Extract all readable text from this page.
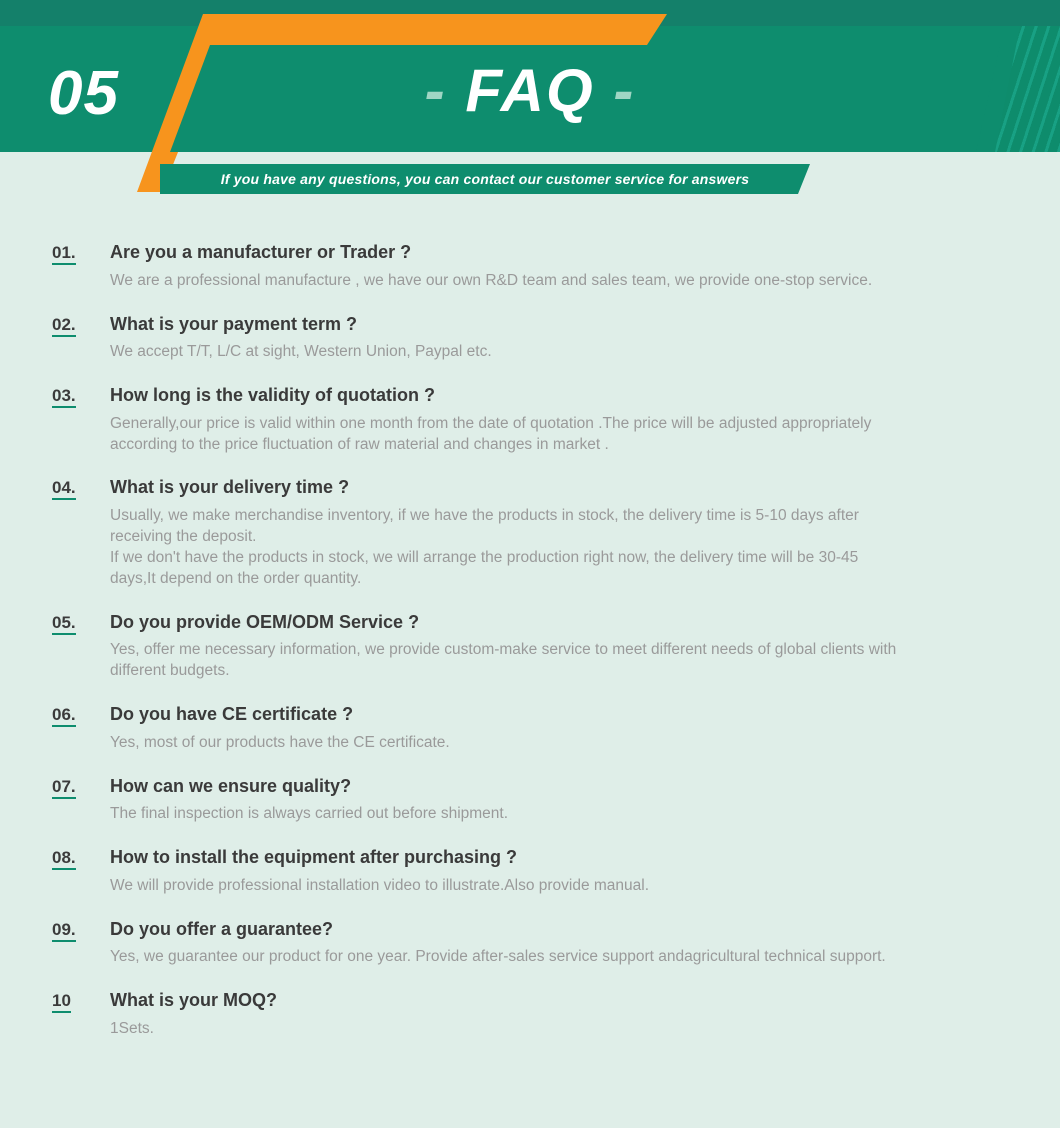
05	- FAQ -
If you have any questions, you can contact our customer service for answers
01.	Are you a manufacturer or Trader ?
We are a professional manufacture , we have our own R&D team and sales team, we provide one-stop service.
02.	What is your payment term ?
We accept T/T, L/C at sight, Western Union, Paypal etc.
03.	How long is the validity of quotation ?
Generally,our price is valid within one month from the date of quotation .The price will be adjusted appropriately
according to the price fluctuation of raw material and changes in market .
04.	What is your delivery time ?
Usually, we make merchandise inventory, if we have the products in stock, the delivery time is 5-10 days after
receiving the deposit.
If we don't have the products in stock, we will arrange the production right now, the delivery time will be 30-45
days,It depend on the order quantity.
05.	Do you provide OEM/ODM Service ?
Yes, offer me necessary information, we provide custom-make service to meet different needs of global clients with
different budgets.
06.	Do you have CE certificate ?
Yes, most of our products have the CE certificate.
07.	How can we ensure quality?
The final inspection is always carried out before shipment.
08.	How to install the equipment after purchasing ?
We will provide professional installation video to illustrate.Also provide manual.
09.	Do you offer a guarantee?
Yes, we guarantee our product for one year. Provide after-sales service support andagricultural technical support.
10	What is your MOQ?
1Sets.
